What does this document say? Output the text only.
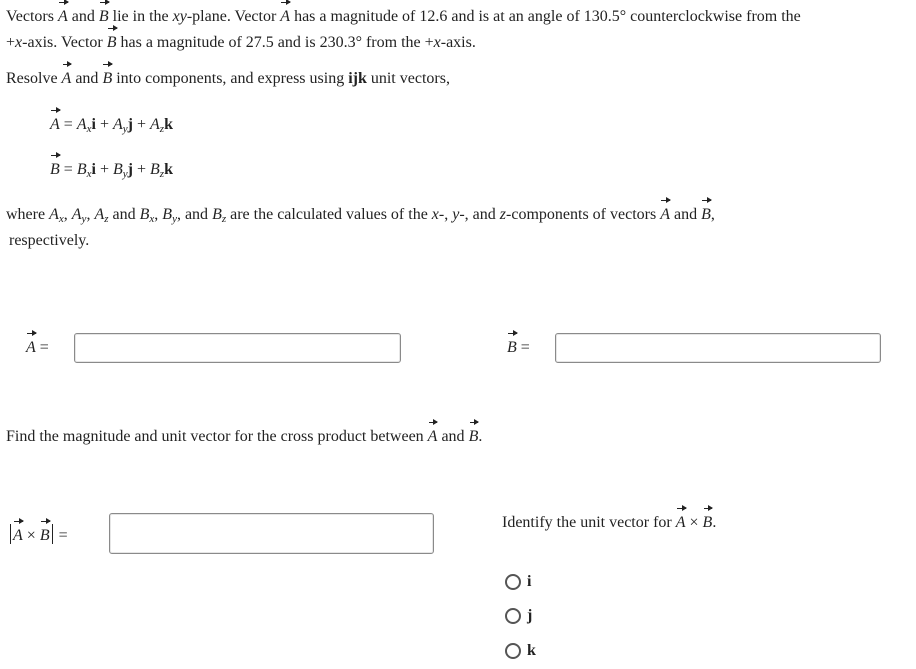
Vectors A and B lie in the xy-plane. Vector A has a magnitude of 12.6 and is at an angle of 130.5° counterclockwise from the
+x-axis. Vector B has a magnitude of 27.5 and is 230.3° from the +x-axis.
Resolve A and B into components, and express using ijk unit vectors,
$A = A_xi + A_yj + A_zk$
$B = B_xi + B_yj + B_zk$
where $A_x$, $A_y$, $A_z$ and $B_x$, $B_y$, and $B_z$ are the calculated values of the x-, y-, and z-components of vectors A and B,
respectively.
A =	B =
Find the magnitude and unit vector for the cross product between A and B.
A × B =
Identify the unit vector for A × B.
i
j
k
